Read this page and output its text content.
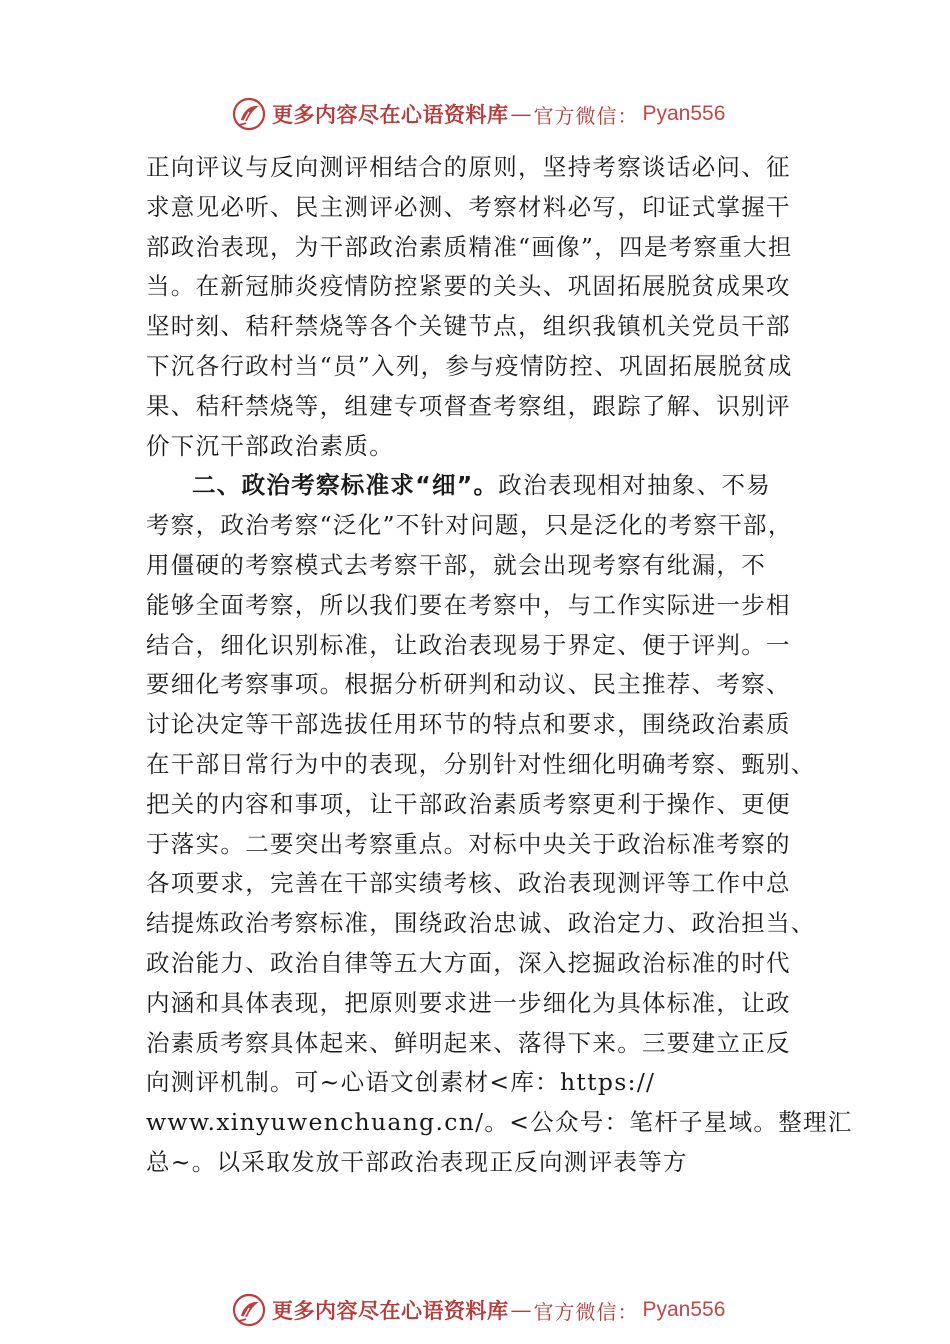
更多内容尽在心语资料库 — 官方微信： Pyan556
正向评议与反向测评相结合的原则，坚持考察谈话必问、征
求意见必听、民主测评必测、考察材料必写，印证式掌握干
部政治表现，为干部政治素质精准“画像”，四是考察重大担
当。在新冠肺炎疫情防控紧要的关头、巩固拓展脱贫成果攻
坚时刻、秸秆禁烧等各个关键节点，组织我镇机关党员干部
下沉各行政村当“员”入列，参与疫情防控、巩固拓展脱贫成
果、秸秆禁烧等，组建专项督查考察组，跟踪了解、识别评
价下沉干部政治素质。
二、政治考察标准求“细”。政治表现相对抽象、不易
考察，政治考察“泛化”不针对问题，只是泛化的考察干部，
用僵硬的考察模式去考察干部，就会出现考察有纰漏，不
能够全面考察，所以我们要在考察中，与工作实际进一步相
结合，细化识别标准，让政治表现易于界定、便于评判。一
要细化考察事项。根据分析研判和动议、民主推荐、考察、
讨论决定等干部选拔任用环节的特点和要求，围绕政治素质
在干部日常行为中的表现，分别针对性细化明确考察、甄别、
把关的内容和事项，让干部政治素质考察更利于操作、更便
于落实。二要突出考察重点。对标中央关于政治标准考察的
各项要求，完善在干部实绩考核、政治表现测评等工作中总
结提炼政治考察标准，围绕政治忠诚、政治定力、政治担当、
政治能力、政治自律等五大方面，深入挖掘政治标准的时代
内涵和具体表现，把原则要求进一步细化为具体标准，让政
治素质考察具体起来、鲜明起来、落得下来。三要建立正反
向测评机制。可~心语文创素材<库：https://
www.xinyuwenchuang.cn/。<公众号：笔杆子星域。整理汇
总~。以采取发放干部政治表现正反向测评表等方
更多内容尽在心语资料库 — 官方微信： Pyan556
